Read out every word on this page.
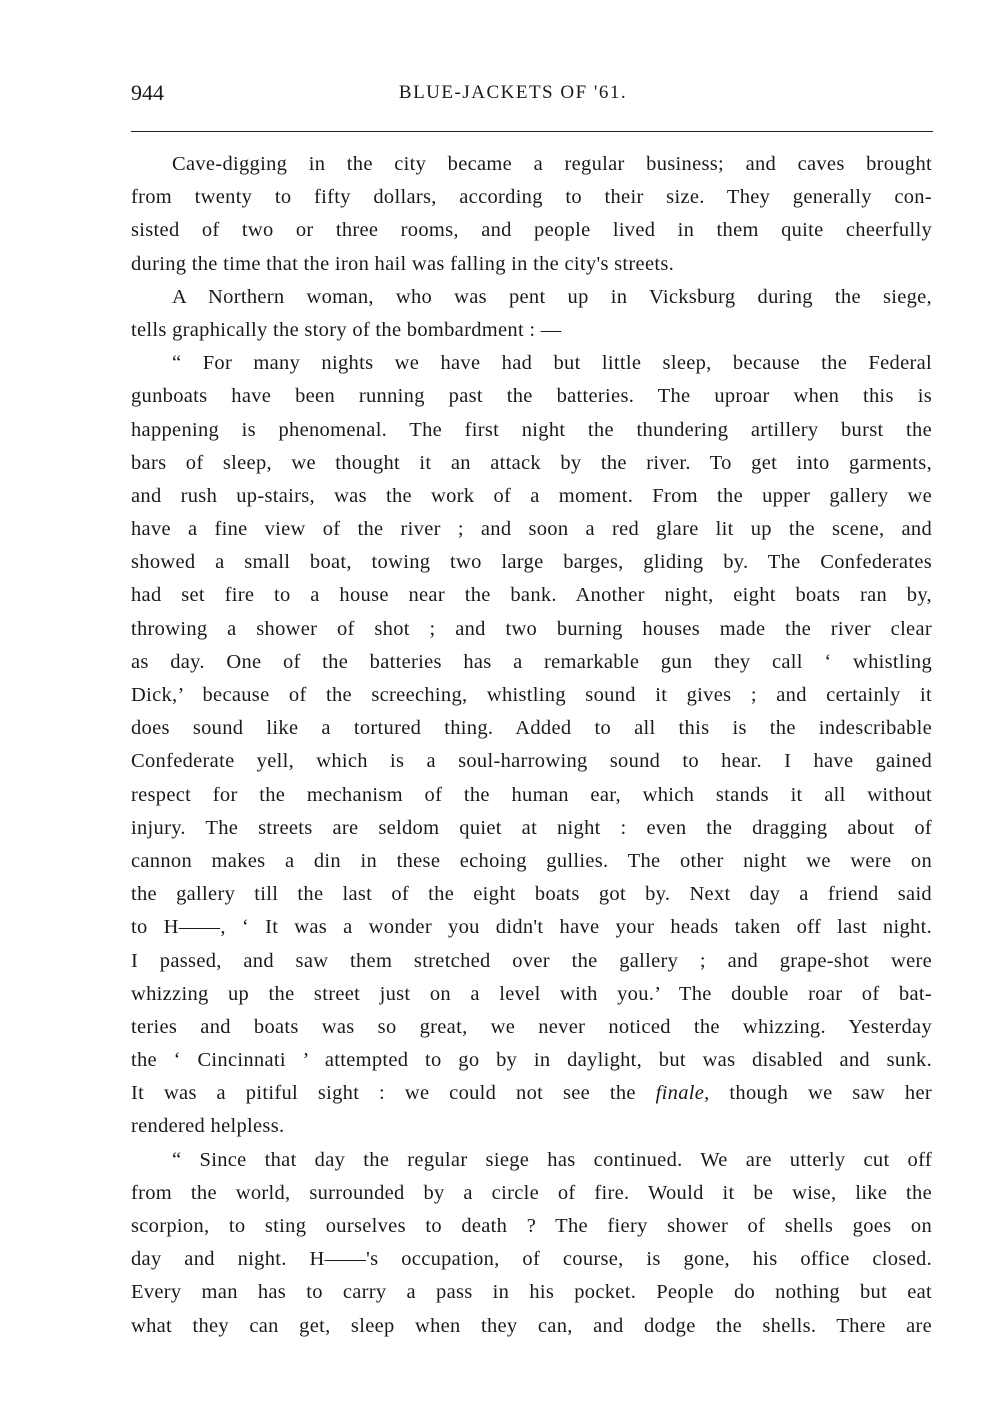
944	BLUE-JACKETS OF '61.
Cave-digging in the city became a regular business; and caves brought
from twenty to fifty dollars, according to their size. They generally con-
sisted of two or three rooms, and people lived in them quite cheerfully
during the time that the iron hail was falling in the city's streets.
A Northern woman, who was pent up in Vicksburg during the siege,
tells graphically the story of the bombardment : —
“ For many nights we have had but little sleep, because the Federal
gunboats have been running past the batteries. The uproar when this is
happening is phenomenal. The first night the thundering artillery burst the
bars of sleep, we thought it an attack by the river. To get into garments,
and rush up-stairs, was the work of a moment. From the upper gallery we
have a fine view of the river ; and soon a red glare lit up the scene, and
showed a small boat, towing two large barges, gliding by. The Confederates
had set fire to a house near the bank. Another night, eight boats ran by,
throwing a shower of shot ; and two burning houses made the river clear
as day. One of the batteries has a remarkable gun they call ‘ whistling
Dick,’ because of the screeching, whistling sound it gives ; and certainly it
does sound like a tortured thing. Added to all this is the indescribable
Confederate yell, which is a soul-harrowing sound to hear. I have gained
respect for the mechanism of the human ear, which stands it all without
injury. The streets are seldom quiet at night : even the dragging about of
cannon makes a din in these echoing gullies. The other night we were on
the gallery till the last of the eight boats got by. Next day a friend said
to H——, ‘ It was a wonder you didn't have your heads taken off last night.
I passed, and saw them stretched over the gallery ; and grape-shot were
whizzing up the street just on a level with you.’ The double roar of bat-
teries and boats was so great, we never noticed the whizzing. Yesterday
the ‘ Cincinnati ’ attempted to go by in daylight, but was disabled and sunk.
It was a pitiful sight : we could not see the finale, though we saw her
rendered helpless.
“ Since that day the regular siege has continued. We are utterly cut off
from the world, surrounded by a circle of fire. Would it be wise, like the
scorpion, to sting ourselves to death ? The fiery shower of shells goes on
day and night. H——'s occupation, of course, is gone, his office closed.
Every man has to carry a pass in his pocket. People do nothing but eat
what they can get, sleep when they can, and dodge the shells. There are
